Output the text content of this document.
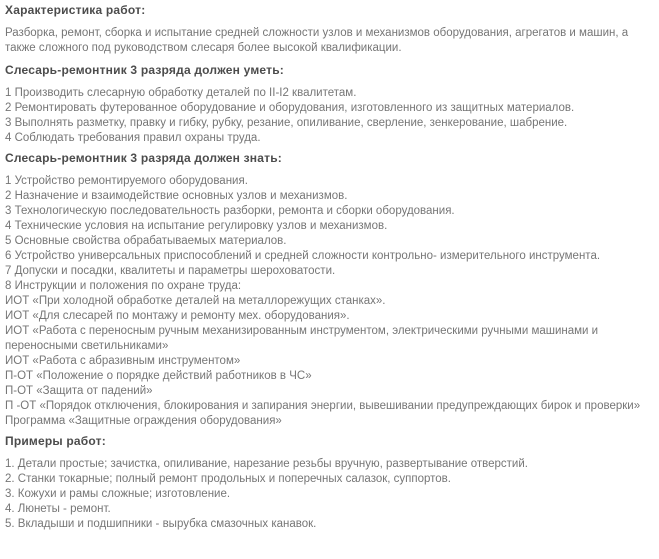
Характеристика работ:
Разборка, ремонт, сборка и испытание средней сложности узлов и механизмов оборудования, агрегатов и машин, а также сложного под руководством слесаря более высокой квалификации.
Слесарь-ремонтник 3 разряда должен уметь:
1 Производить слесарную обработку деталей по II-I2 квалитетам.
2 Ремонтировать футерованное оборудование и оборудования, изготовленного из защитных материалов.
3 Выполнять разметку, правку и гибку, рубку, резание, опиливание, сверление, зенкерование, шабрение.
4 Соблюдать требования правил охраны труда.
Слесарь-ремонтник 3 разряда должен знать:
1 Устройство ремонтируемого оборудования.
2 Назначение и взаимодействие основных узлов и механизмов.
3 Технологическую последовательность разборки, ремонта и сборки оборудования.
4 Технические условия на испытание регулировку узлов и механизмов.
5 Основные свойства обрабатываемых материалов.
6 Устройство универсальных приспособлений и средней сложности контрольно- измерительного инструмента.
7 Допуски и посадки, квалитеты и параметры шероховатости.
8 Инструкции и положения по охране труда:
ИОТ «При холодной обработке деталей на металлорежущих станках».
ИОТ «Для слесарей по монтажу и ремонту мех. оборудования».
ИОТ «Работа с переносным ручным механизированным инструментом, электрическими ручными машинами и переносными светильниками»
ИОТ «Работа с абразивным инструментом»
П-ОТ «Положение о порядке действий работников в ЧС»
П-ОТ «Защита от падений»
П -ОТ «Порядок отключения, блокирования и запирания энергии, вывешивании предупреждающих бирок и проверки»
Программа «Защитные ограждения оборудования»
Примеры работ:
1. Детали простые; зачистка, опиливание, нарезание резьбы вручную, развертывание отверстий.
2. Станки токарные; полный ремонт продольных и поперечных салазок, суппортов.
3. Кожухи и рамы сложные; изготовление.
4. Люнеты - ремонт.
5. Вкладыши и подшипники - вырубка смазочных канавок.
